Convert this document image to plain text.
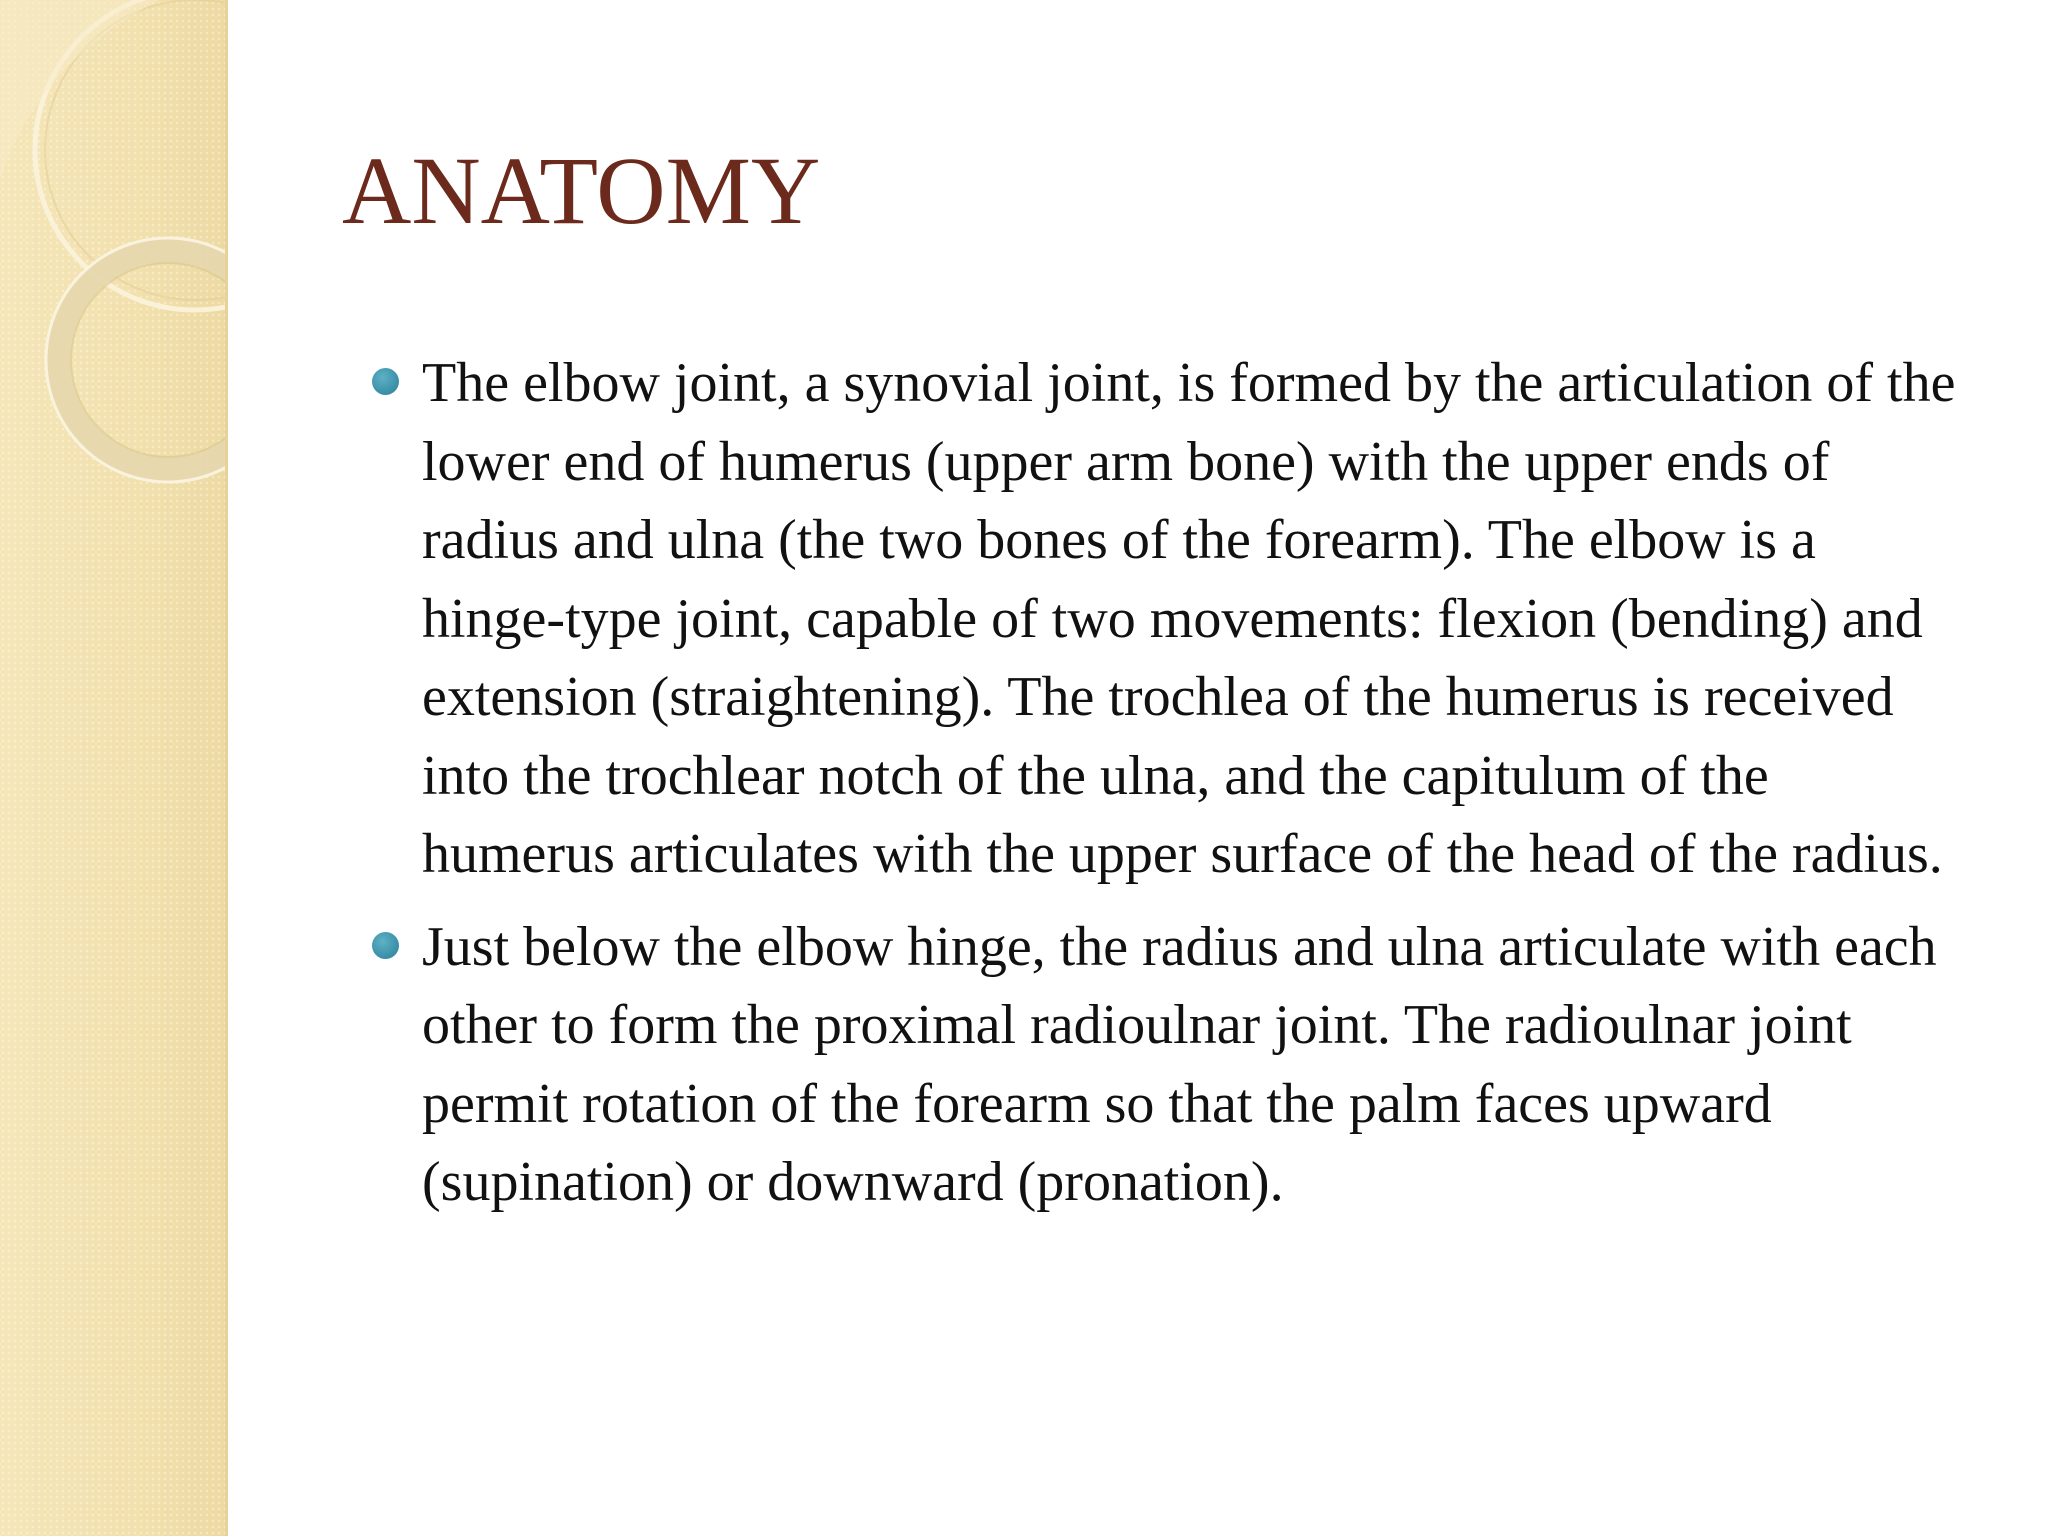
ANATOMY
The elbow joint, a synovial joint, is formed by the articulation of the lower end of humerus (upper arm bone) with the upper ends of radius and ulna (the two bones of the forearm). The elbow is a hinge-type joint, capable of two movements: flexion (bending) and extension (straightening). The trochlea of the humerus is received into the trochlear notch of the ulna, and the capitulum of the humerus articulates with the upper surface of the head of the radius.
Just below the elbow hinge, the radius and ulna articulate with each other to form the proximal radioulnar joint. The radioulnar joint permit rotation of the forearm so that the palm faces upward (supination) or downward (pronation).
